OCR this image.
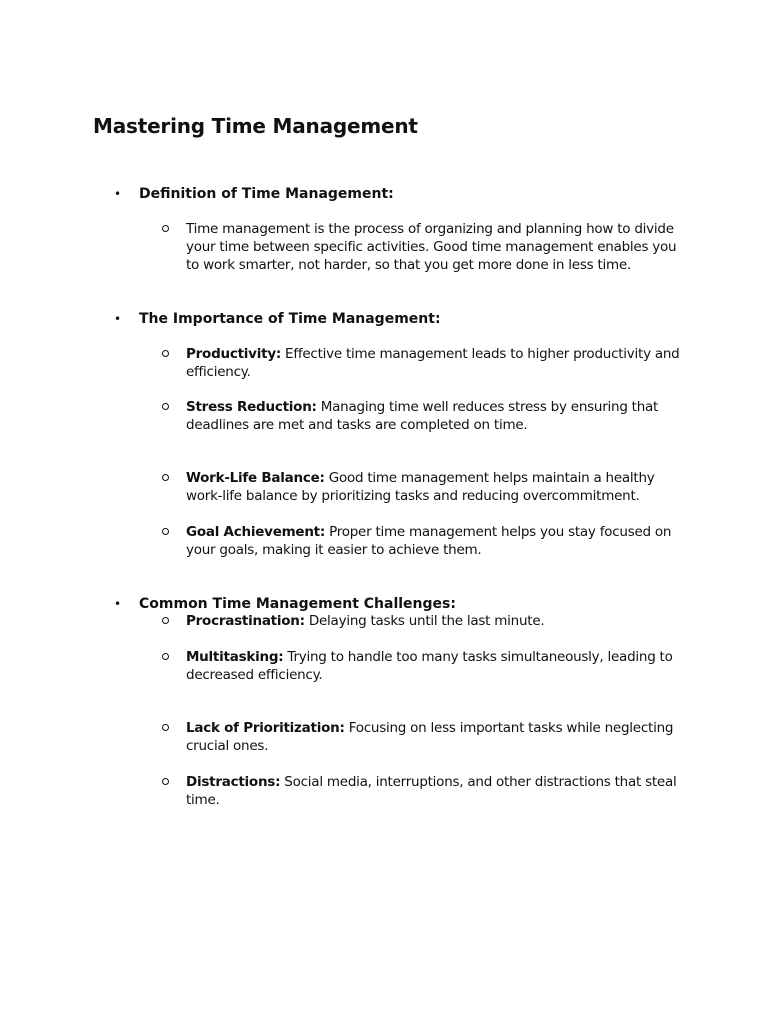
Mastering Time Management
• Definition of Time Management:
Time management is the process of organizing and planning how to divide your time between specific activities. Good time management enables you to work smarter, not harder, so that you get more done in less time.
• The Importance of Time Management:
Productivity: Effective time management leads to higher productivity and efficiency.
Stress Reduction: Managing time well reduces stress by ensuring that deadlines are met and tasks are completed on time.
Work-Life Balance: Good time management helps maintain a healthy work-life balance by prioritizing tasks and reducing overcommitment.
Goal Achievement: Proper time management helps you stay focused on your goals, making it easier to achieve them.
• Common Time Management Challenges:
Procrastination: Delaying tasks until the last minute.
Multitasking: Trying to handle too many tasks simultaneously, leading to decreased efficiency.
Lack of Prioritization: Focusing on less important tasks while neglecting crucial ones.
Distractions: Social media, interruptions, and other distractions that steal time.
